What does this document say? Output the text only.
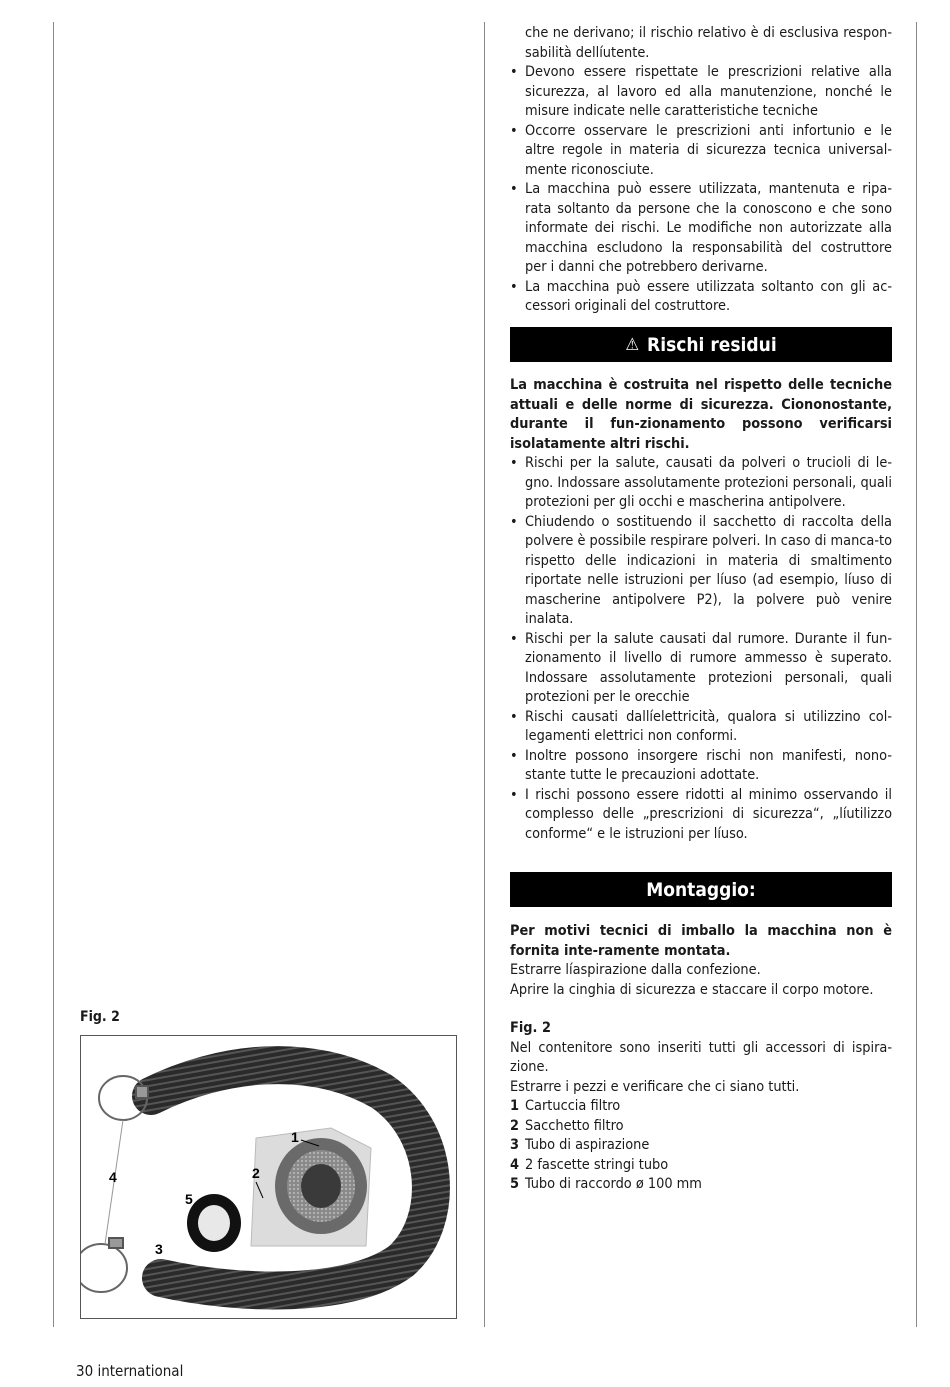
che ne derivano; il rischio relativo è di esclusiva respon-sabilità dellíutente.
• Devono essere rispettate le prescrizioni relative alla sicurezza, al lavoro ed alla manutenzione, nonché le misure indicate nelle caratteristiche tecniche
• Occorre osservare le prescrizioni anti infortunio e le altre regole in materia di sicurezza tecnica universal-mente riconosciute.
• La macchina può essere utilizzata, mantenuta e ripa-rata soltanto da persone che la conoscono e che sono informate dei rischi. Le modifiche non autorizzate alla macchina escludono la responsabilità del costruttore per i danni che potrebbero derivarne.
• La macchina può essere utilizzata soltanto con gli ac-cessori originali del costruttore.
⚠ Rischi residui

La macchina è costruita nel rispetto delle tecniche attuali e delle norme di sicurezza. Ciononostante, durante il fun-zionamento possono verificarsi isolatamente altri rischi.

• Rischi per la salute, causati da polveri o trucioli di le-gno. Indossare assolutamente protezioni personali, quali protezioni per gli occhi e mascherina antipolvere.
• Chiudendo o sostituendo il sacchetto di raccolta della polvere è possibile respirare polveri. In caso di manca-to rispetto delle indicazioni in materia di smaltimento riportate nelle istruzioni per líuso (ad esempio, líuso di mascherine antipolvere P2), la polvere può venire inalata.
• Rischi per la salute causati dal rumore. Durante il fun-zionamento il livello di rumore ammesso è superato. Indossare assolutamente protezioni personali, quali protezioni per le orecchie
• Rischi causati dallíelettricità, qualora si utilizzino col-legamenti elettrici non conformi.
• Inoltre possono insorgere rischi non manifesti, nono-stante tutte le precauzioni adottate.
• I rischi possono essere ridotti al minimo osservando il complesso delle „prescrizioni di sicurezza“, „líutilizzo conforme“ e le istruzioni per líuso.
Montaggio:

Per motivi tecnici di imballo la macchina non è fornita inte-ramente montata.

Estrarre líaspirazione dalla confezione.

Aprire la cinghia di sicurezza e staccare il corpo motore.

Fig. 2

Nel contenitore sono inseriti tutti gli accessori di ispira-zione.

Estrarre i pezzi e verificare che ci siano tutti.

1 Cartuccia filtro
2 Sacchetto filtro
3 Tubo di aspirazione
4 2 fascette stringi tubo
5 Tubo di raccordo ø 100 mm
Fig. 2
1
2
3
4
5
30 international
